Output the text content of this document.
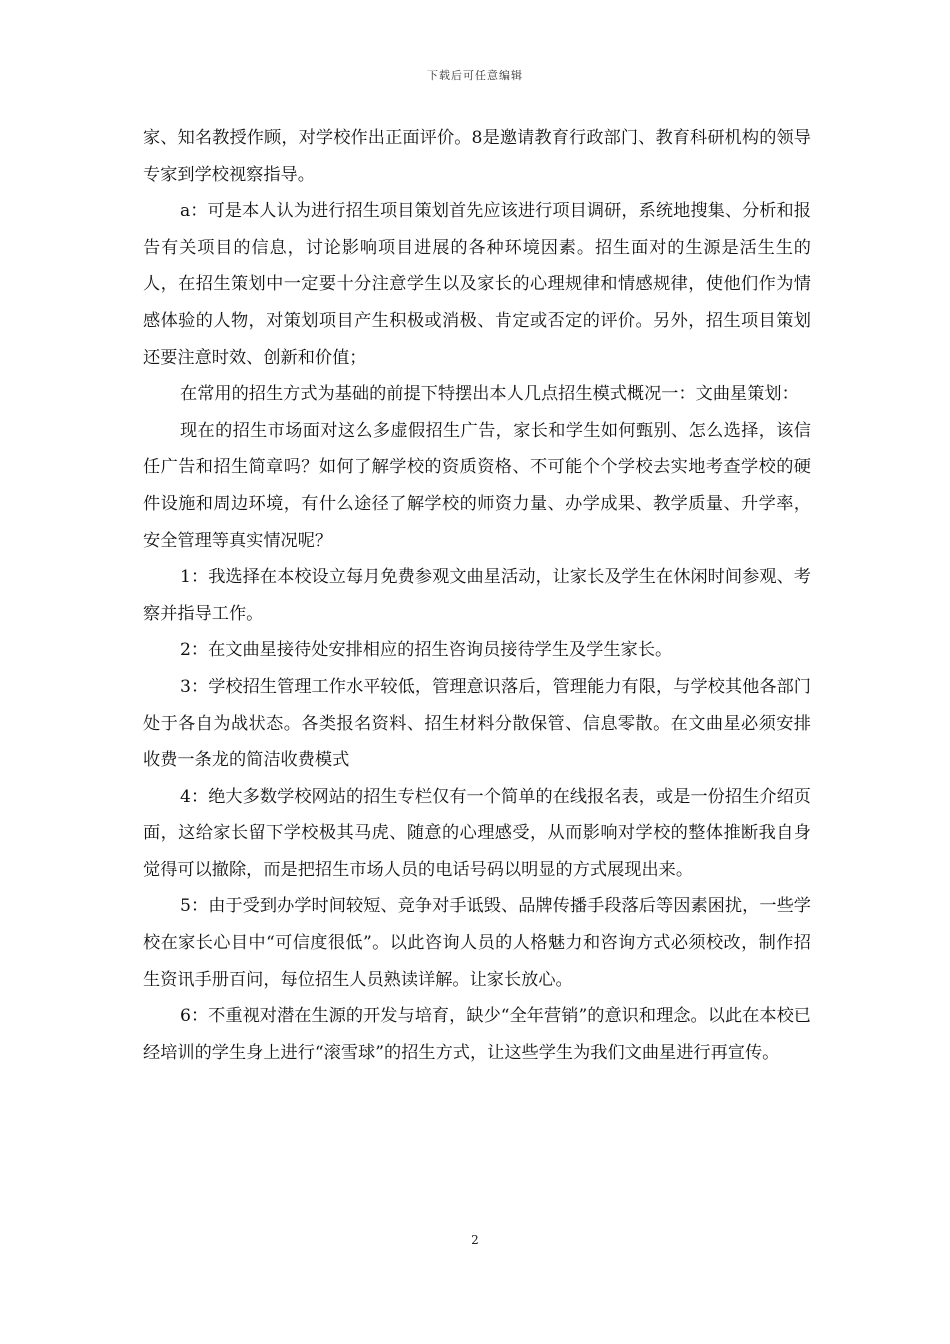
下载后可任意编辑

家、知名教授作顾，对学校作出正面评价。8是邀请教育行政部门、教育科研机构的领导专家到学校视察指导。

a：可是本人认为进行招生项目策划首先应该进行项目调研，系统地搜集、分析和报告有关项目的信息，讨论影响项目进展的各种环境因素。招生面对的生源是活生生的人，在招生策划中一定要十分注意学生以及家长的心理规律和情感规律，使他们作为情感体验的人物，对策划项目产生积极或消极、肯定或否定的评价。另外，招生项目策划还要注意时效、创新和价值；

在常用的招生方式为基础的前提下特摆出本人几点招生模式概况一：文曲星策划：

现在的招生市场面对这么多虚假招生广告，家长和学生如何甄别、怎么选择，该信任广告和招生简章吗？如何了解学校的资质资格、不可能个个学校去实地考查学校的硬件设施和周边环境，有什么途径了解学校的师资力量、办学成果、教学质量、升学率，安全管理等真实情况呢？

1：我选择在本校设立每月免费参观文曲星活动，让家长及学生在休闲时间参观、考察并指导工作。

2：在文曲星接待处安排相应的招生咨询员接待学生及学生家长。

3：学校招生管理工作水平较低，管理意识落后，管理能力有限，与学校其他各部门处于各自为战状态。各类报名资料、招生材料分散保管、信息零散。在文曲星必须安排收费一条龙的简洁收费模式

4：绝大多数学校网站的招生专栏仅有一个简单的在线报名表，或是一份招生介绍页面，这给家长留下学校极其马虎、随意的心理感受，从而影响对学校的整体推断我自身觉得可以撤除，而是把招生市场人员的电话号码以明显的方式展现出来。

5：由于受到办学时间较短、竞争对手诋毁、品牌传播手段落后等因素困扰，一些学校在家长心目中“可信度很低”。以此咨询人员的人格魅力和咨询方式必须校改，制作招生资讯手册百问，每位招生人员熟读详解。让家长放心。

6：不重视对潜在生源的开发与培育，缺少“全年营销”的意识和理念。以此在本校已经培训的学生身上进行“滚雪球”的招生方式，让这些学生为我们文曲星进行再宣传。

2
